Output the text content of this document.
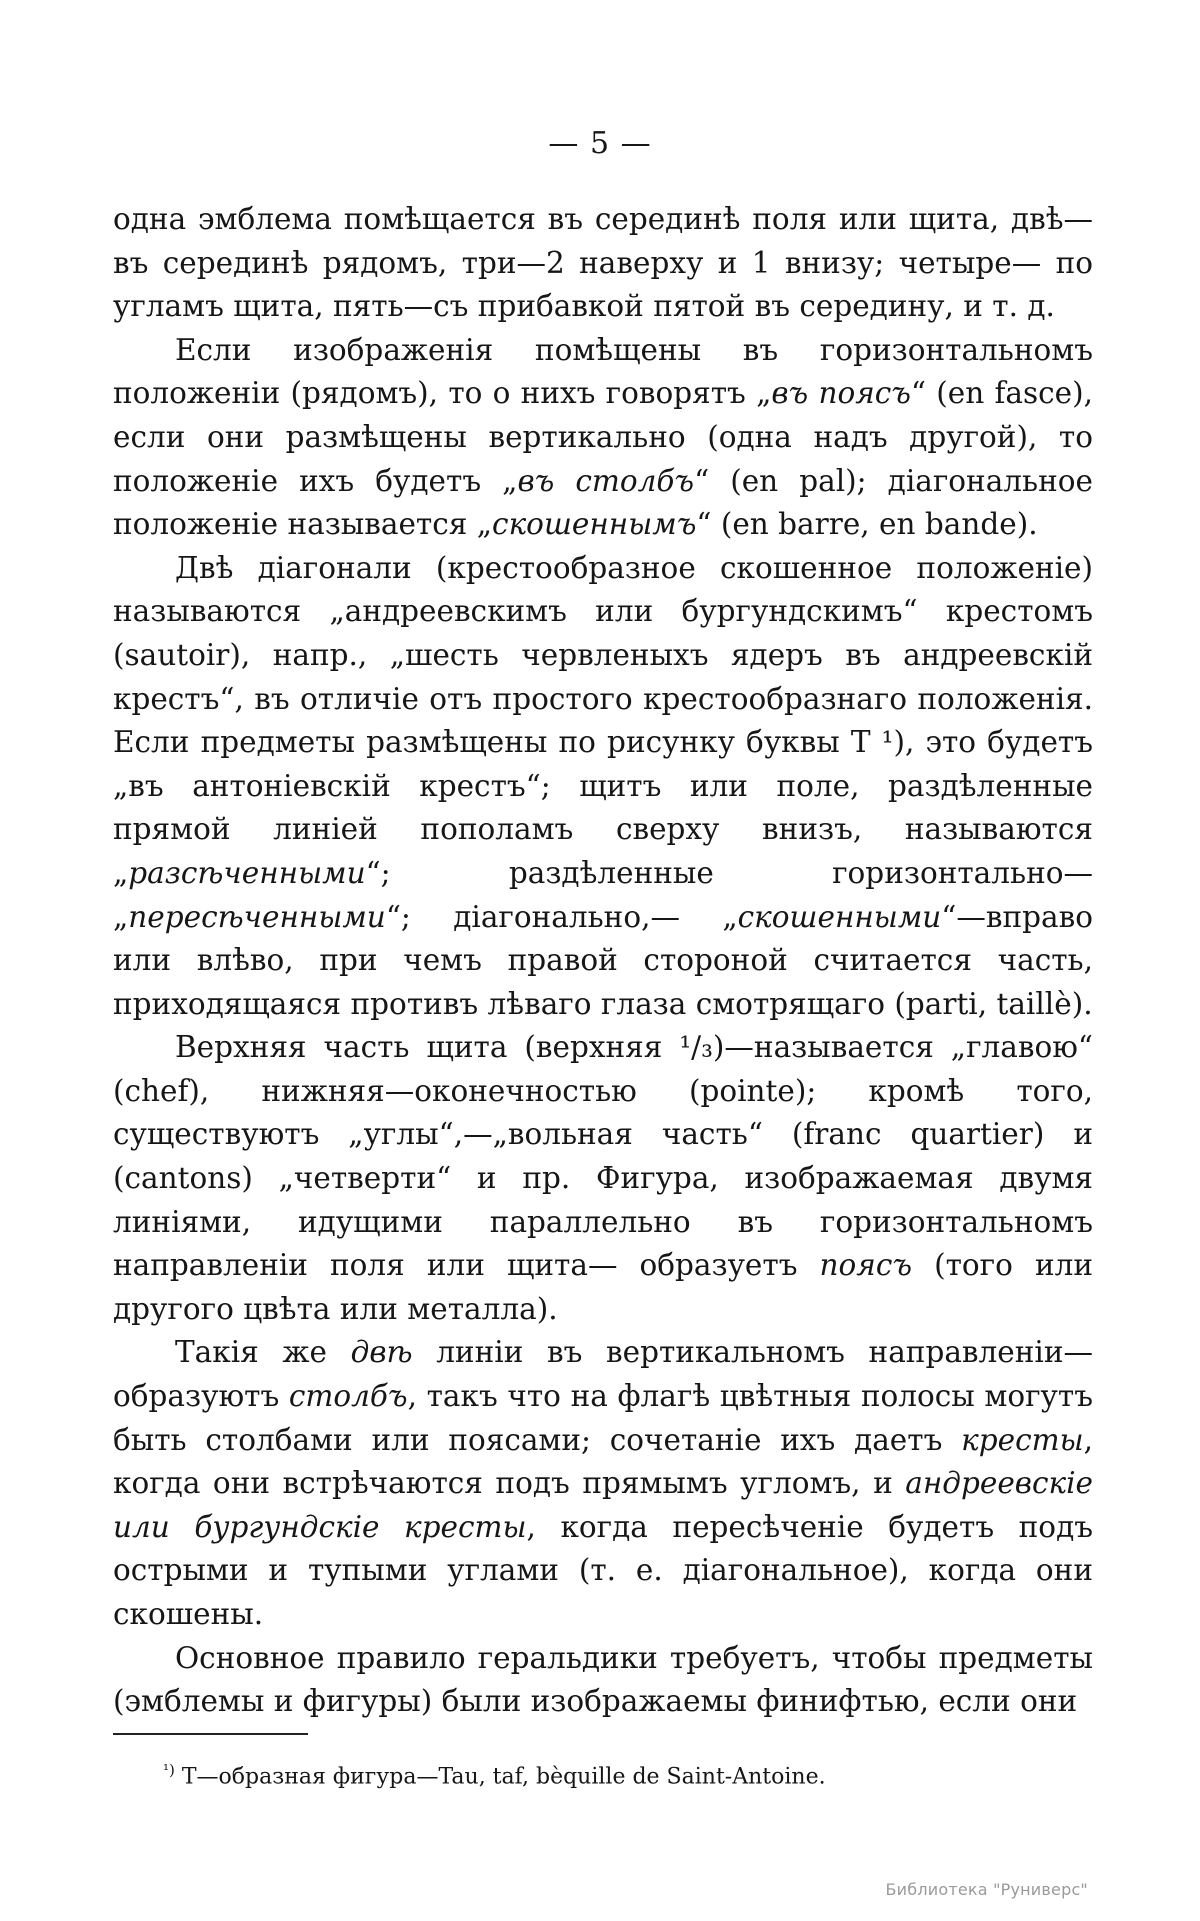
— 5 —

одна эмблема помѣщается въ серединѣ поля или щита, двѣ— въ серединѣ рядомъ, три—2 наверху и 1 внизу; четыре— по угламъ щита, пять—съ прибавкой пятой въ середину, и т. д.

Если изображенія помѣщены въ горизонтальномъ положеніи (рядомъ), то о нихъ говорятъ „въ поясъ“ (en fasce), если они размѣщены вертикально (одна надъ другой), то положеніе ихъ будетъ „въ столбъ“ (en pal); діагональное положеніе называется „скошеннымъ“ (en barre, en bande).

Двѣ діагонали (крестообразное скошенное положеніе) называются „андреевскимъ или бургундскимъ“ крестомъ (sautoir), напр., „шесть червленыхъ ядеръ въ андреевскій крестъ“, въ отличіе отъ простого крестообразнаго положенія. Если предметы размѣщены по рисунку буквы T ¹), это будетъ „въ антоніевскій крестъ“; щитъ или поле, раздѣленные прямой линіей пополамъ сверху внизъ, называются „разсѣченными“; раздѣленные горизонтально—„пересѣченными“; діагонально,— „скошенными“—вправо или влѣво, при чемъ правой стороной считается часть, приходящаяся противъ лѣваго глаза смотрящаго (parti, taillè).

Верхняя часть щита (верхняя ¹/₃)—называется „главою“ (chef), нижняя—оконечностью (pointe); кромѣ того, существуютъ „углы“,—„вольная часть“ (franc quartier) и (cantons) „четверти“ и пр. Фигура, изображаемая двумя линіями, идущими параллельно въ горизонтальномъ направленіи поля или щита— образуетъ поясъ (того или другого цвѣта или металла).

Такія же двѣ линіи въ вертикальномъ направленіи— образуютъ столбъ, такъ что на флагѣ цвѣтныя полосы могутъ быть столбами или поясами; сочетаніе ихъ даетъ кресты, когда они встрѣчаются подъ прямымъ угломъ, и андреевскіе или бургундскіе кресты, когда пересѣченіе будетъ подъ острыми и тупыми углами (т. е. діагональное), когда они скошены.

Основное правило геральдики требуетъ, чтобы предметы (эмблемы и фигуры) были изображаемы финифтью, если они

$^{^1)}$ T—образная фигура—Tau, taf, bèquille de Saint-Antoine.
Библиотека "Руниверс"
